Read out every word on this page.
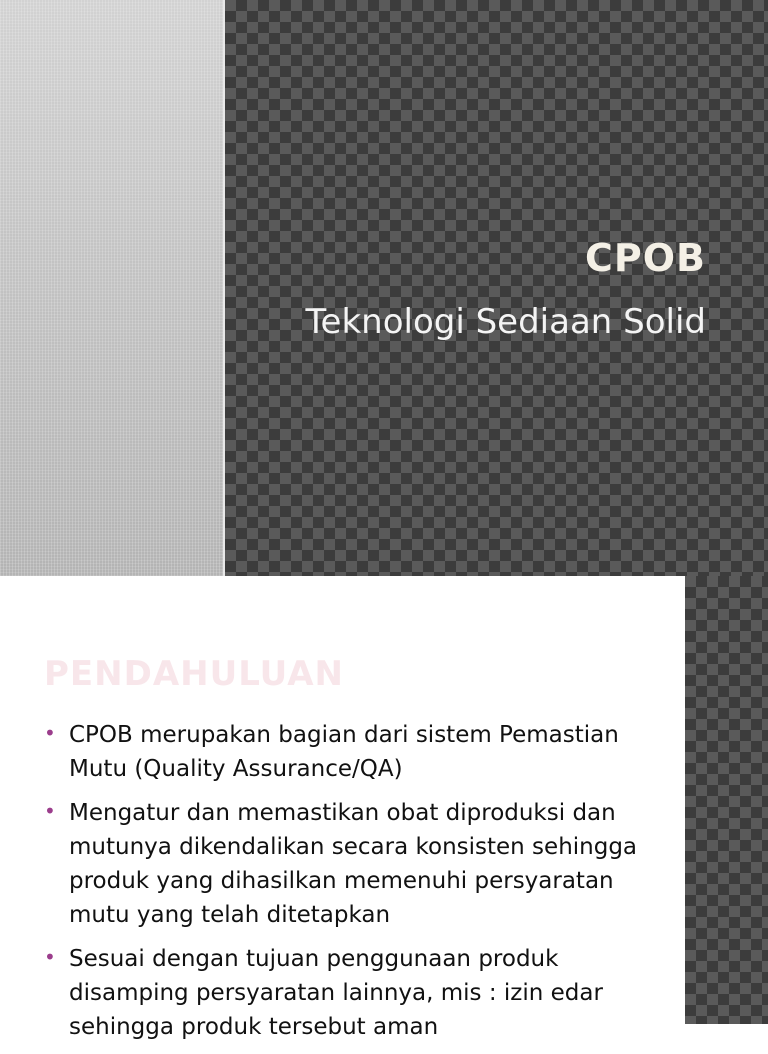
CPOB
Teknologi Sediaan Solid
PENDAHULUAN
• CPOB merupakan bagian dari sistem Pemastian Mutu (Quality Assurance/QA)
• Mengatur dan memastikan obat diproduksi dan mutunya dikendalikan secara konsisten sehingga produk yang dihasilkan memenuhi persyaratan mutu yang telah ditetapkan
• Sesuai dengan tujuan penggunaan produk disamping persyaratan lainnya, mis : izin edar sehingga produk tersebut aman
